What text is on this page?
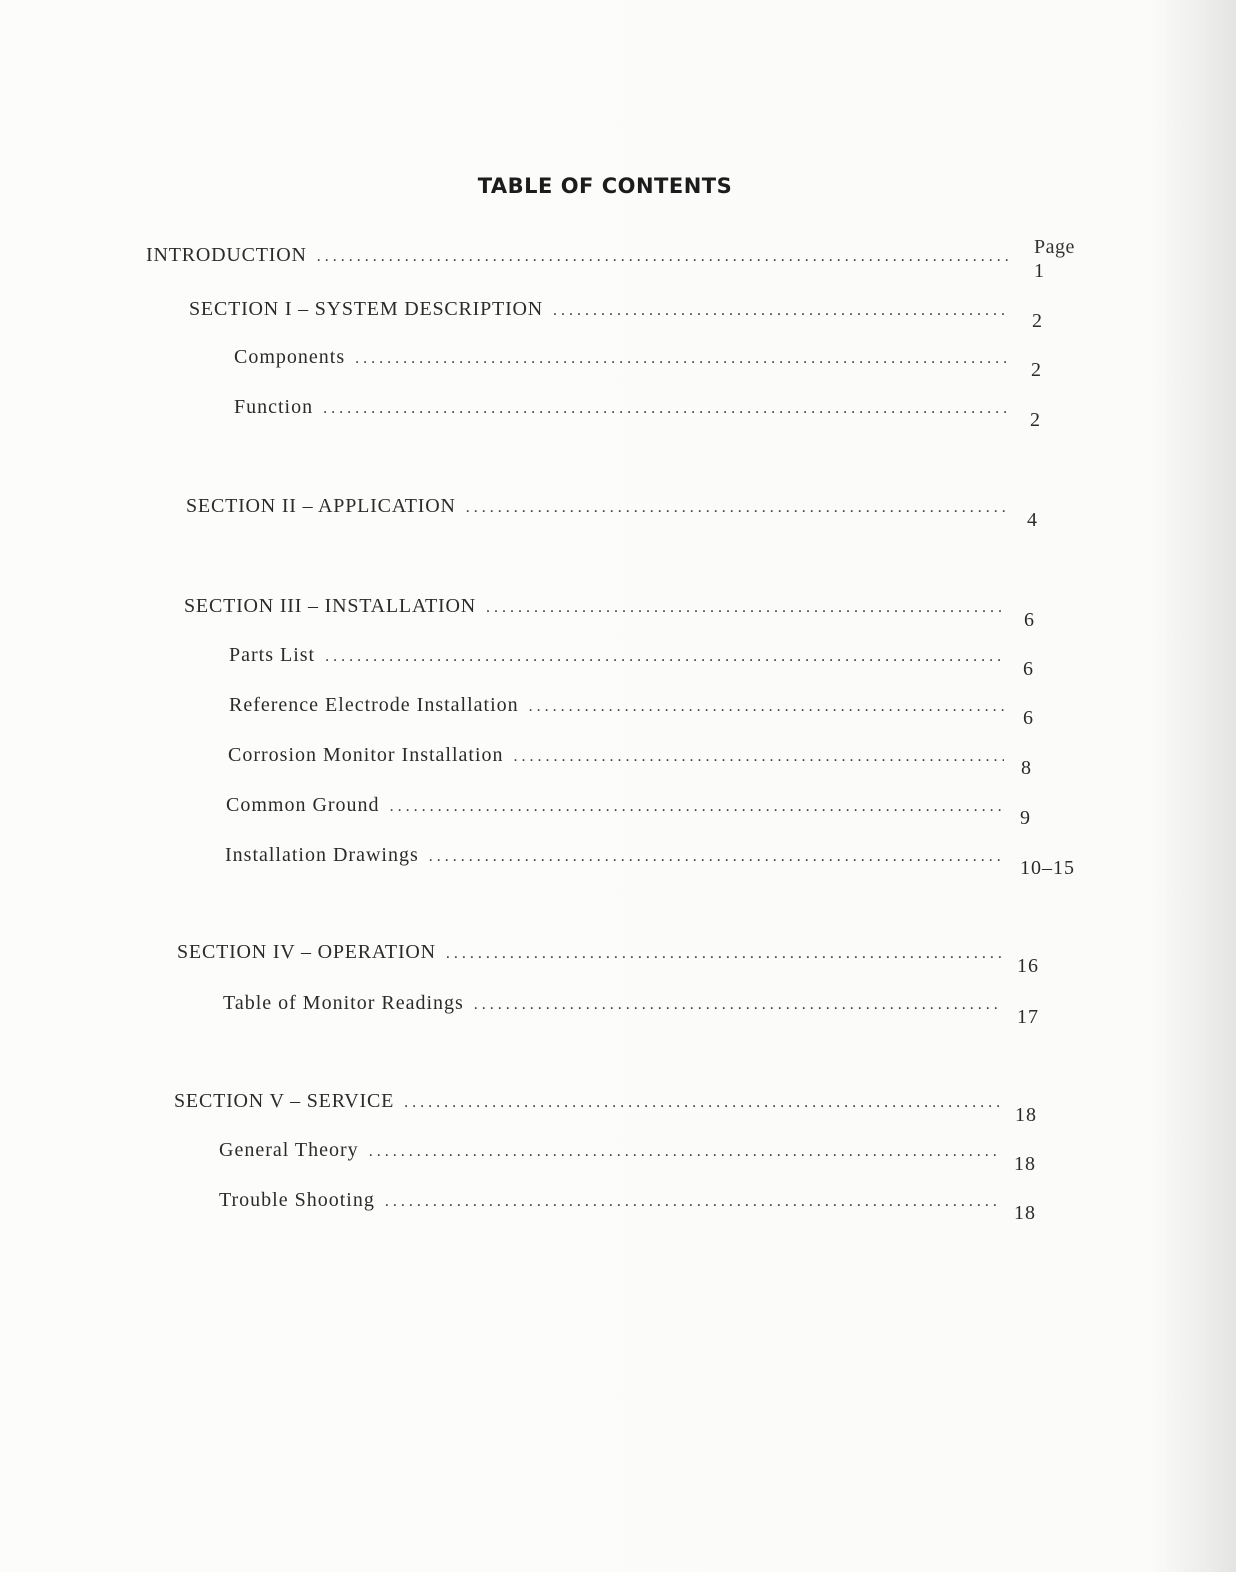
TABLE OF CONTENTS
Page
INTRODUCTION
. . .
1
SECTION I – SYSTEM DESCRIPTION
. . .
2
Components
. . .
2
Function
. . .
2
SECTION II – APPLICATION
. . .
4
SECTION III – INSTALLATION
. . .
6
Parts List
. . .
6
Reference Electrode Installation
. . .
6
Corrosion Monitor Installation
. . .
8
Common Ground
. . .
9
Installation Drawings
. . .
10–15
SECTION IV – OPERATION
. . .
16
Table of Monitor Readings
. . .
17
SECTION V – SERVICE
. . .
18
General Theory
. . .
18
Trouble Shooting
. . .
18
